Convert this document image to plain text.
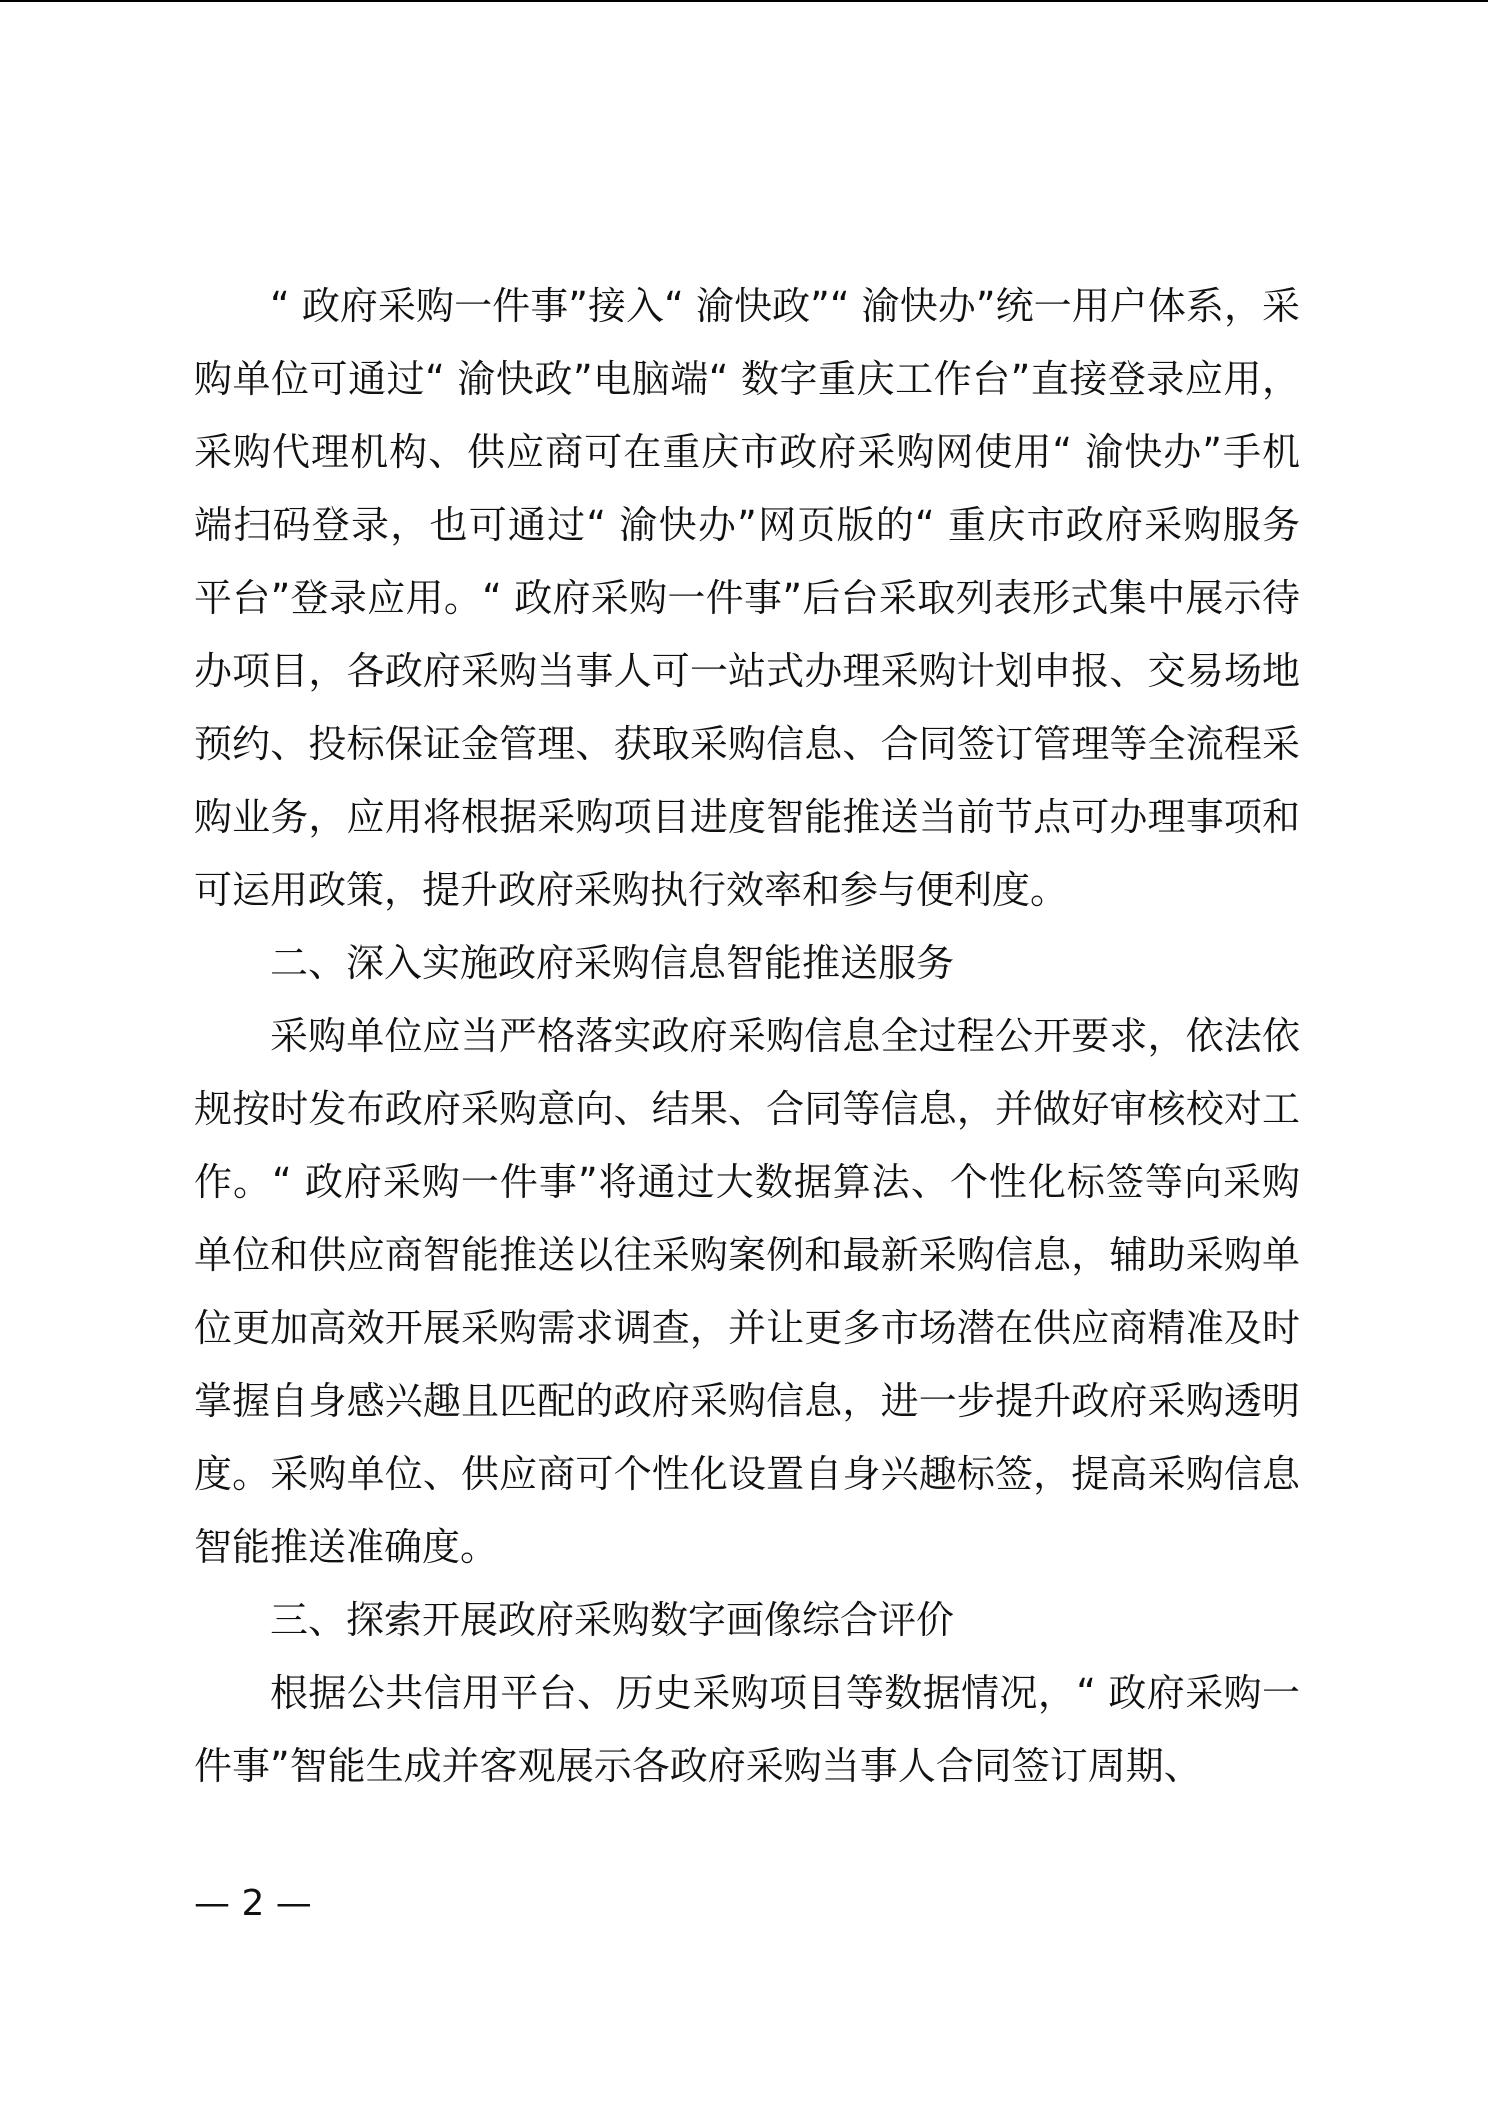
“ 政府采购一件事”接入“ 渝快政”“ 渝快办”统一用户体系，采购单位可通过“ 渝快政”电脑端“ 数字重庆工作台”直接登录应用，采购代理机构、供应商可在重庆市政府采购网使用“ 渝快办”手机端扫码登录，也可通过“ 渝快办”网页版的“ 重庆市政府采购服务平台”登录应用。“ 政府采购一件事”后台采取列表形式集中展示待办项目，各政府采购当事人可一站式办理采购计划申报、交易场地预约、投标保证金管理、获取采购信息、合同签订管理等全流程采购业务，应用将根据采购项目进度智能推送当前节点可办理事项和可运用政策，提升政府采购执行效率和参与便利度。

二、深入实施政府采购信息智能推送服务

采购单位应当严格落实政府采购信息全过程公开要求，依法依规按时发布政府采购意向、结果、合同等信息，并做好审核校对工作。“ 政府采购一件事”将通过大数据算法、个性化标签等向采购单位和供应商智能推送以往采购案例和最新采购信息，辅助采购单位更加高效开展采购需求调查，并让更多市场潜在供应商精准及时掌握自身感兴趣且匹配的政府采购信息，进一步提升政府采购透明度。采购单位、供应商可个性化设置自身兴趣标签，提高采购信息智能推送准确度。

三、探索开展政府采购数字画像综合评价

根据公共信用平台、历史采购项目等数据情况，“ 政府采购一件事”智能生成并客观展示各政府采购当事人合同签订周期、

— 2 —
